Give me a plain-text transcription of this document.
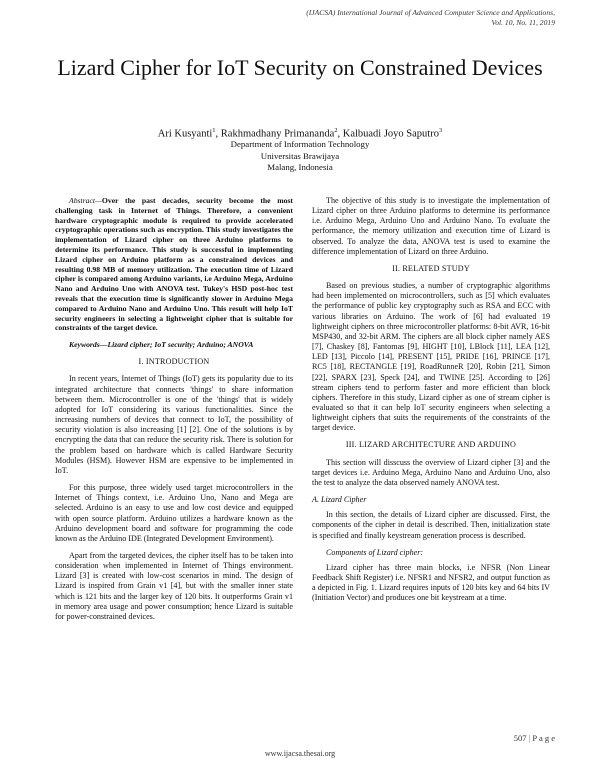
(IJACSA) International Journal of Advanced Computer Science and Applications,
Vol. 10, No. 11, 2019
Lizard Cipher for IoT Security on Constrained Devices
Ari Kusyanti$^1$, Rakhmadhany Primananda$^2$, Kalbuadi Joyo Saputro$^3$
Department of Information Technology
Universitas Brawijaya
Malang, Indonesia

Abstract—Over the past decades, security become the most challenging task in Internet of Things. Therefore, a convenient hardware cryptographic module is required to provide accelerated cryptographic operations such as encryption. This study investigates the implementation of Lizard cipher on three Arduino platforms to determine its performance. This study is successful in implementing Lizard cipher on Arduino platform as a constrained devices and resulting 0.98 MB of memory utilization. The execution time of Lizard cipher is compared among Arduino variants, i.e Arduino Mega, Arduino Nano and Arduino Uno with ANOVA test. Tukey's HSD post-hoc test reveals that the execution time is significantly slower in Arduino Mega compared to Arduino Nano and Arduino Uno. This result will help IoT security engineers in selecting a lightweight cipher that is suitable for constraints of the target device.

Keywords—Lizard cipher; IoT security; Arduino; ANOVA

I. INTRODUCTION

In recent years, Internet of Things (IoT) gets its popularity due to its integrated architecture that connects 'things' to share information between them. Microcontroller is one of the 'things' that is widely adopted for IoT considering its various functionalities. Since the increasing numbers of devices that connect to IoT, the possibility of security violation is also increasing [1] [2]. One of the solutions is by encrypting the data that can reduce the security risk. There is solution for the problem based on hardware which is called Hardware Security Modules (HSM). However HSM are expensive to be implemented in IoT.

For this purpose, three widely used target microcontrollers in the Internet of Things context, i.e. Arduino Uno, Nano and Mega are selected. Arduino is an easy to use and low cost device and equipped with open source platform. Arduino utilizes a hardware known as the Arduino development board and software for programming the code known as the Arduino IDE (Integrated Development Environment).

Apart from the targeted devices, the cipher itself has to be taken into consideration when implemented in Internet of Things environment. Lizard [3] is created with low-cost scenarios in mind. The design of Lizard is inspired from Grain v1 [4], but with the smaller inner state which is 121 bits and the larger key of 120 bits. It outperforms Grain v1 in memory area usage and power consumption; hence Lizard is suitable for power-constrained devices.

The objective of this study is to investigate the implementation of Lizard cipher on three Arduino platforms to determine its performance i.e. Arduino Mega, Arduino Uno and Arduino Nano. To evaluate the performance, the memory utilization and execution time of Lizard is observed. To analyze the data, ANOVA test is used to examine the difference implementation of Lizard on three Arduino.

II. RELATED STUDY

Based on previous studies, a number of cryptographic algorithms had been implemented on microcontrollers, such as [5] which evaluates the performance of public key cryptography such as RSA and ECC with various libraries on Arduino. The work of [6] had evaluated 19 lightweight ciphers on three microcontroller platforms: 8-bit AVR, 16-bit MSP430, and 32-bit ARM. The ciphers are all block cipher namely AES [7], Chaskey [8], Fantomas [9], HIGHT [10], LBlock [11], LEA [12], LED [13], Piccolo [14], PRESENT [15], PRIDE [16], PRINCE [17], RC5 [18], RECTANGLE [19], RoadRunneR [20], Robin [21], Simon [22], SPARX [23], Speck [24], and TWINE [25]. According to [26] stream ciphers tend to perform faster and more efficient than block ciphers. Therefore in this study, Lizard cipher as one of stream cipher is evaluated so that it can help IoT security engineers when selecting a lightweight ciphers that suits the requirements of the constraints of the target device.

III. LIZARD ARCHITECTURE AND ARDUINO

This section will disscuss the overview of Lizard cipher [3] and the target devices i.e. Arduino Mega, Arduino Nano and Arduino Uno, also the test to analyze the data observed namely ANOVA test.

A. Lizard Cipher

In this section, the details of Lizard cipher are discussed. First, the components of the cipher in detail is described. Then, initialization state is specified and finally keystream generation process is described.

Components of Lizard cipher:

Lizard cipher has three main blocks, i.e NFSR (Non Linear Feedback Shift Register) i.e. NFSR1 and NFSR2, and output function as a depicted in Fig. 1. Lizard requires inputs of 120 bits key and 64 bits IV (Initiation Vector) and produces one bit keystream at a time.

507 | P a g e
www.ijacsa.thesai.org
